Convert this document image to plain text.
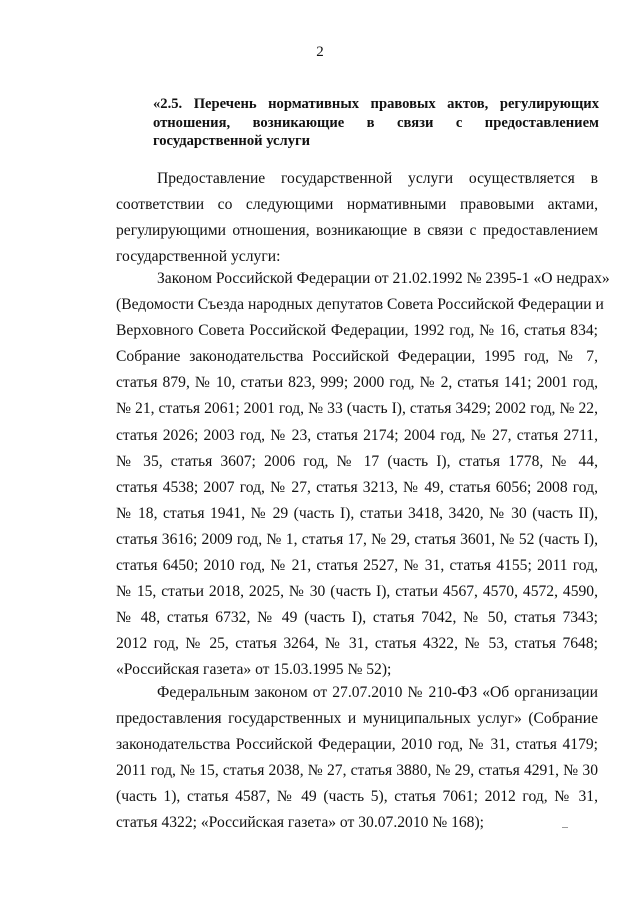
2
«2.5. Перечень нормативных правовых актов, регулирующих
отношения, возникающие в связи с предоставлением
государственной услуги
Предоставление государственной услуги осуществляется в
соответствии со следующими нормативными правовыми актами,
регулирующими отношения, возникающие в связи с предоставлением
государственной услуги:
Законом Российской Федерации от 21.02.1992 № 2395-1 «О недрах»
(Ведомости Съезда народных депутатов Совета Российской Федерации и
Верховного Совета Российской Федерации, 1992 год, № 16, статья 834;
Собрание законодательства Российской Федерации, 1995 год, № 7,
статья 879, № 10, статьи 823, 999; 2000 год, № 2, статья 141; 2001 год,
№ 21, статья 2061; 2001 год, № 33 (часть I), статья 3429; 2002 год, № 22,
статья 2026; 2003 год, № 23, статья 2174; 2004 год, № 27, статья 2711,
№ 35, статья 3607; 2006 год, № 17 (часть I), статья 1778, № 44,
статья 4538; 2007 год, № 27, статья 3213, № 49, статья 6056; 2008 год,
№ 18, статья 1941, № 29 (часть I), статьи 3418, 3420, № 30 (часть II),
статья 3616; 2009 год, № 1, статья 17, № 29, статья 3601, № 52 (часть I),
статья 6450; 2010 год, № 21, статья 2527, № 31, статья 4155; 2011 год,
№ 15, статьи 2018, 2025, № 30 (часть I), статьи 4567, 4570, 4572, 4590,
№ 48, статья 6732, № 49 (часть I), статья 7042, № 50, статья 7343;
2012 год, № 25, статья 3264, № 31, статья 4322, № 53, статья 7648;
«Российская газета» от 15.03.1995 № 52);
Федеральным законом от 27.07.2010 № 210-ФЗ «Об организации
предоставления государственных и муниципальных услуг» (Собрание
законодательства Российской Федерации, 2010 год, № 31, статья 4179;
2011 год, № 15, статья 2038, № 27, статья 3880, № 29, статья 4291, № 30
(часть 1), статья 4587, № 49 (часть 5), статья 7061; 2012 год, № 31,
статья 4322; «Российская газета» от 30.07.2010 № 168);
